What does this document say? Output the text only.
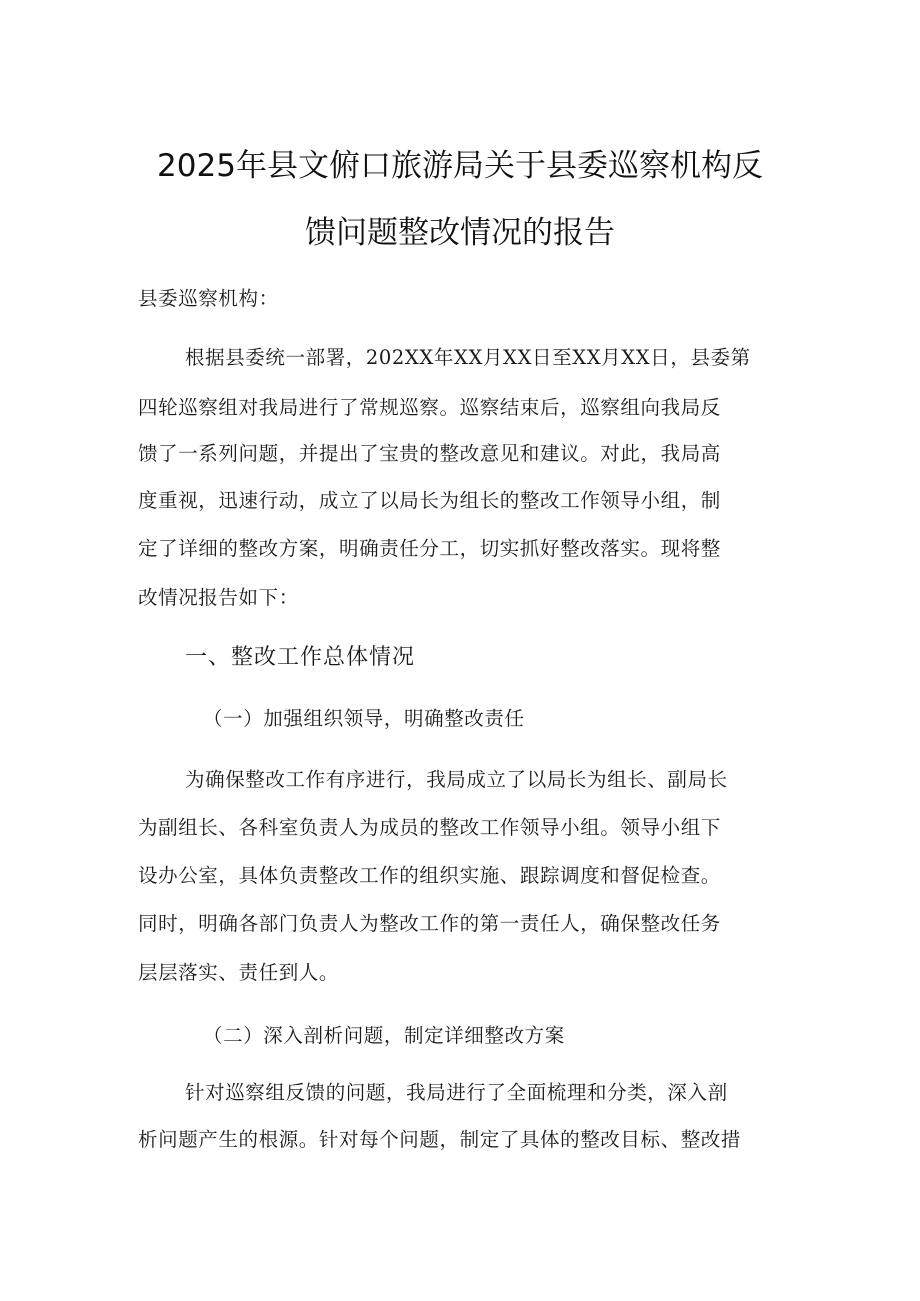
2025年县文俯口旅游局关于县委巡察机构反
馈问题整改情况的报告
县委巡察机构：
根据县委统一部署，202XX年XX月XX日至XX月XX日，县委第
四轮巡察组对我局进行了常规巡察。巡察结束后，巡察组向我局反
馈了一系列问题，并提出了宝贵的整改意见和建议。对此，我局高
度重视，迅速行动，成立了以局长为组长的整改工作领导小组，制
定了详细的整改方案，明确责任分工，切实抓好整改落实。现将整
改情况报告如下：
一、整改工作总体情况
（一）加强组织领导，明确整改责任
为确保整改工作有序进行，我局成立了以局长为组长、副局长
为副组长、各科室负责人为成员的整改工作领导小组。领导小组下
设办公室，具体负责整改工作的组织实施、跟踪调度和督促检查。
同时，明确各部门负责人为整改工作的第一责任人，确保整改任务
层层落实、责任到人。
（二）深入剖析问题，制定详细整改方案
针对巡察组反馈的问题，我局进行了全面梳理和分类，深入剖
析问题产生的根源。针对每个问题，制定了具体的整改目标、整改措
